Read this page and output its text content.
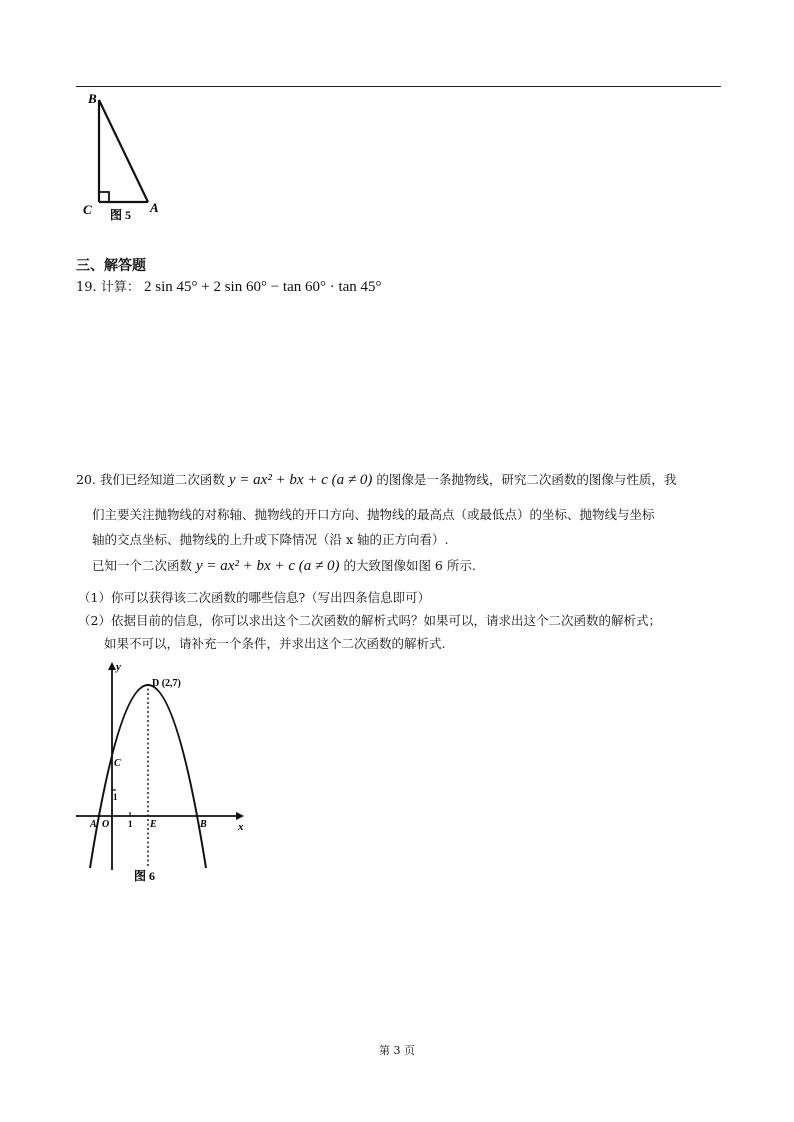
B
C	A
图 5
三、解答题
19. 计算： 2 sin 45° + 2 sin 60° − tan 60° · tan 45°
20. 我们已经知道二次函数 y = ax² + bx + c (a ≠ 0) 的图像是一条抛物线，研究二次函数的图像与性质，我
们主要关注抛物线的对称轴、抛物线的开口方向、抛物线的最高点（或最低点）的坐标、抛物线与坐标
轴的交点坐标、抛物线的上升或下降情况（沿 x 轴的正方向看）.
已知一个二次函数 y = ax² + bx + c (a ≠ 0) 的大致图像如图 6 所示.
（1）你可以获得该二次函数的哪些信息?（写出四条信息即可）
（2）依据目前的信息，你可以求出这个二次函数的解析式吗？如果可以，请求出这个二次函数的解析式；
如果不可以，请补充一个条件，并求出这个二次函数的解析式.
y
x
D (2,7)
C
1
A O 1 E	B
图 6
第 3 页
